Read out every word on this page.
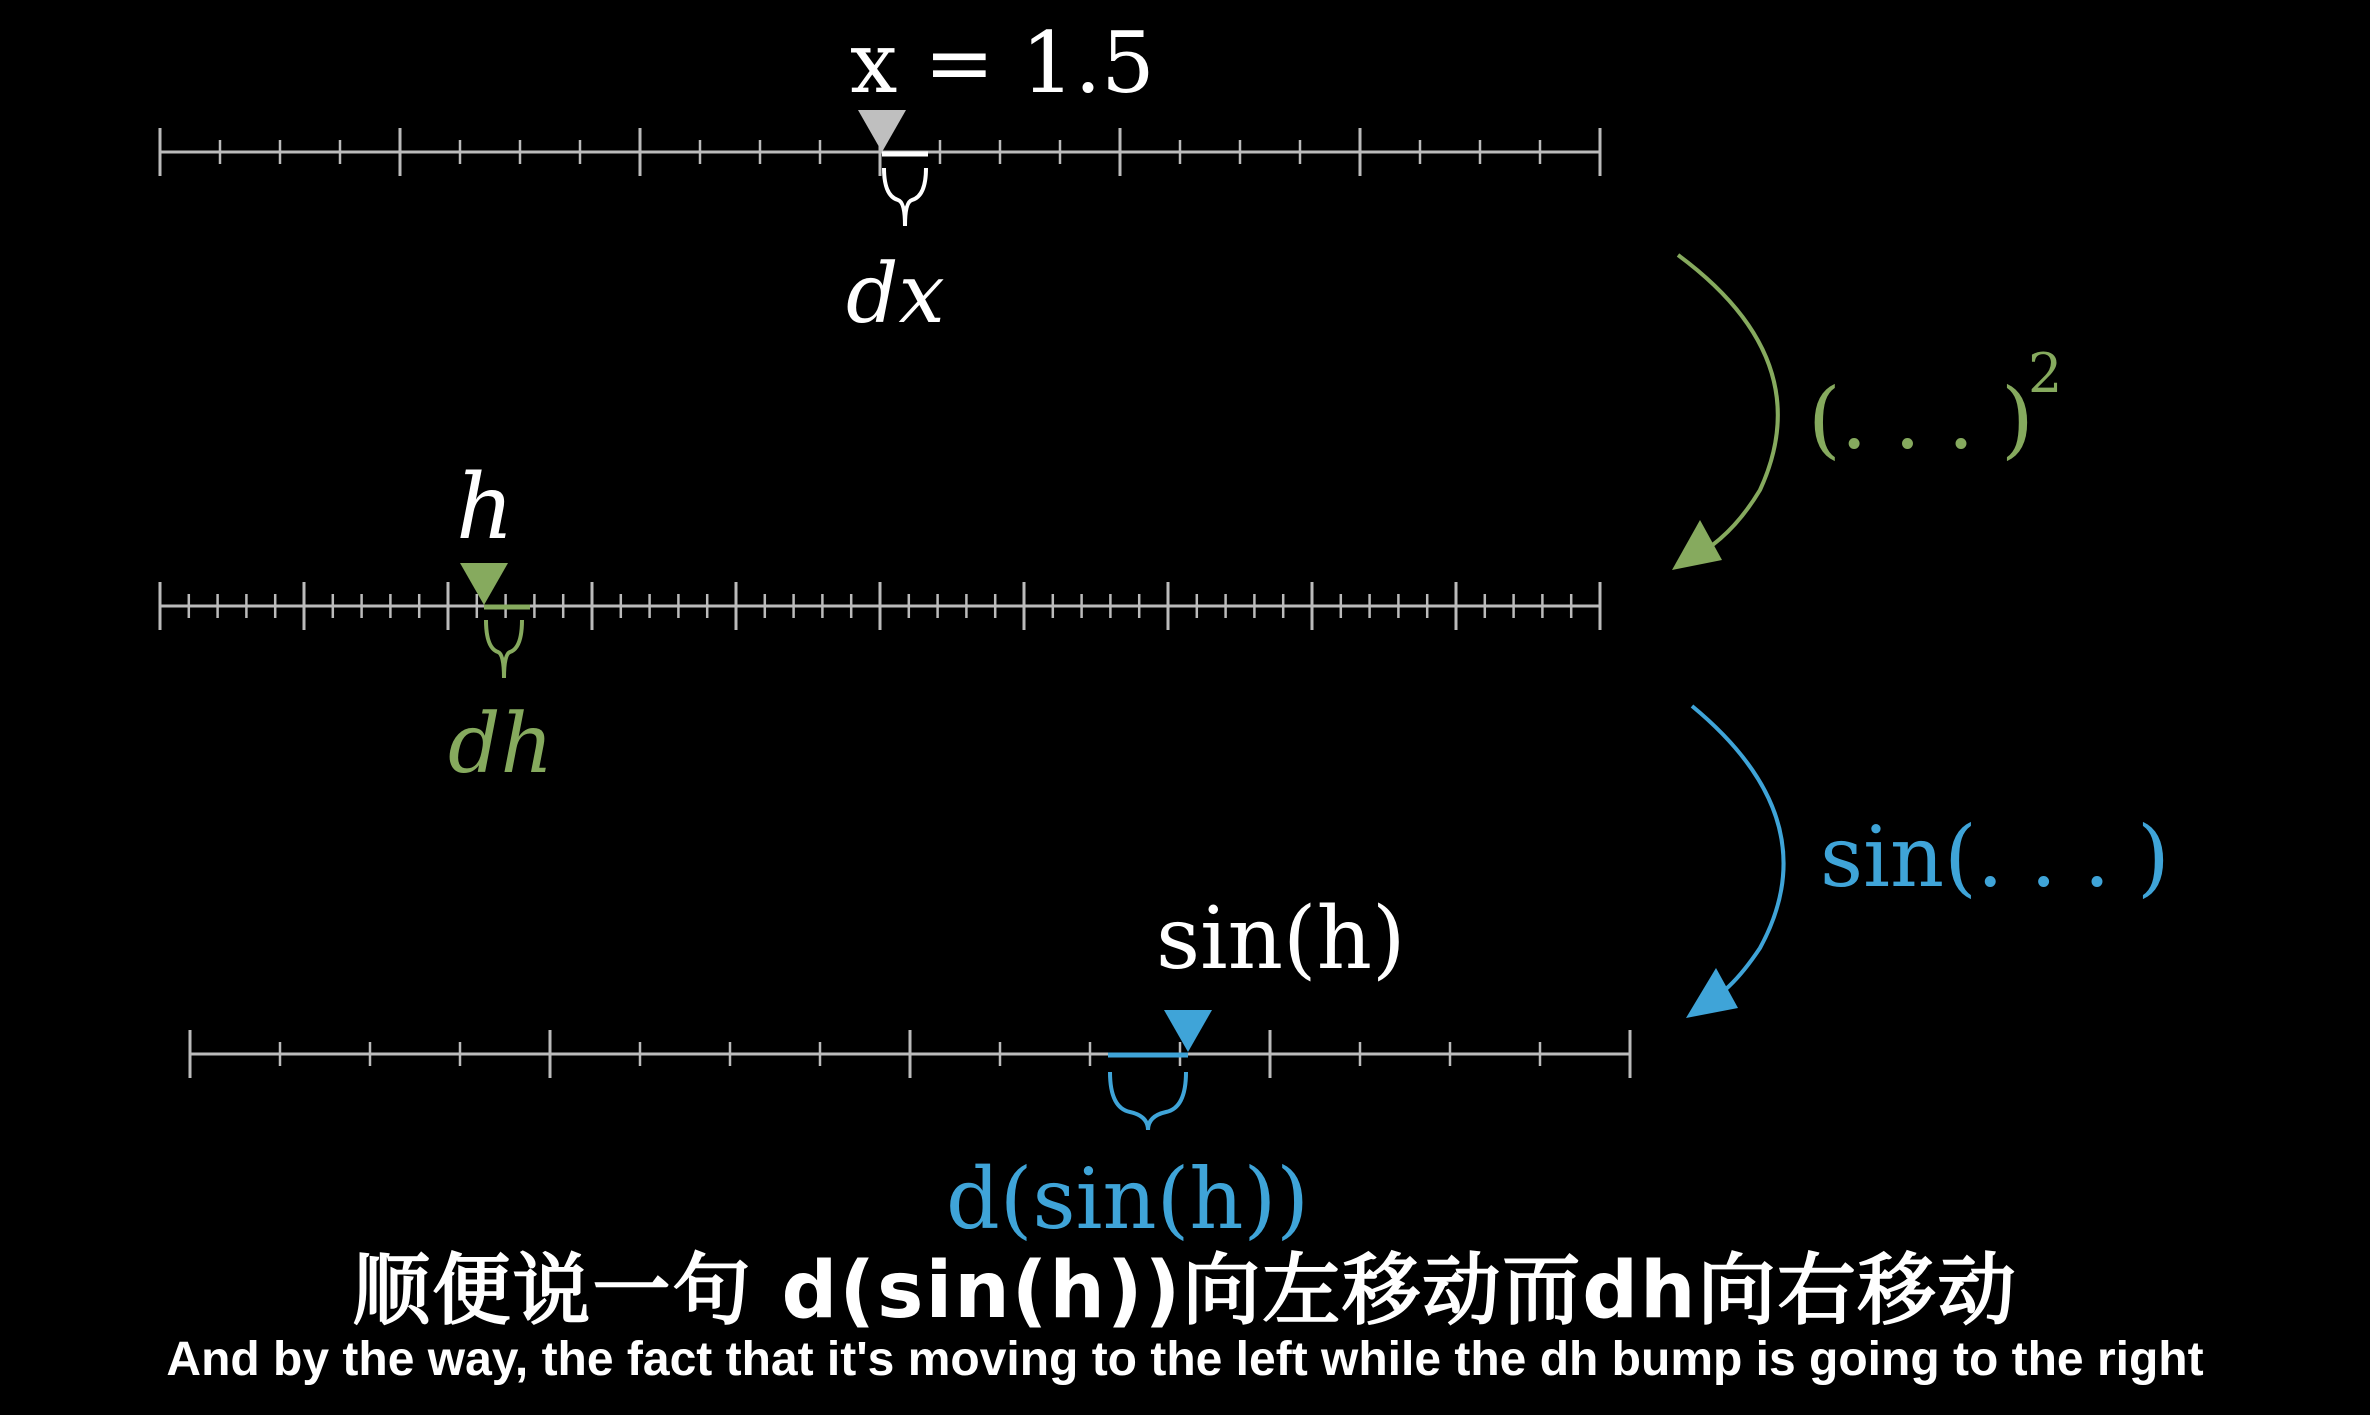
x = 1.5
dx
(. . . )
2
h
dh
sin(. . . )
sin(h)
d(sin(h))
顺便说一句 d(sin(h))向左移动而dh向右移动
And by the way, the fact that it's moving to the left while the dh bump is going to the right
